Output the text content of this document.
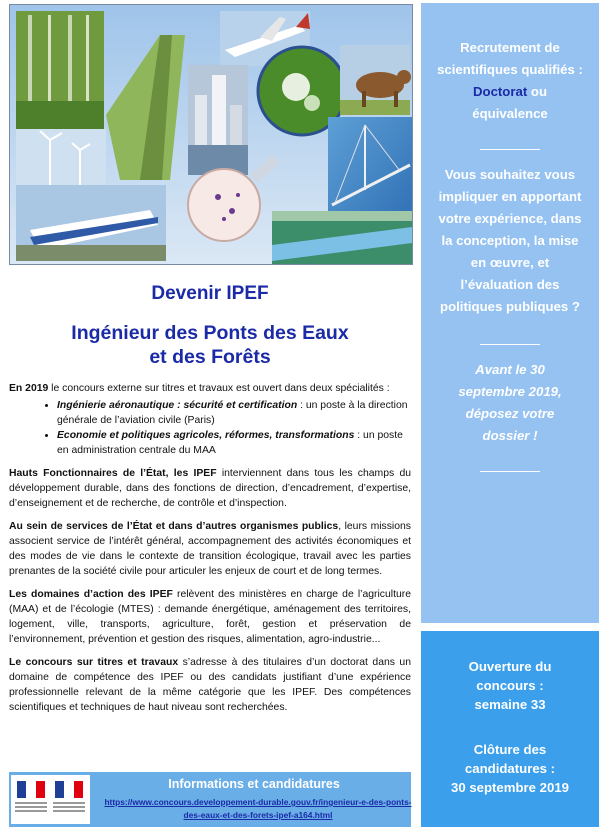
Devenir IPEF
Ingénieur des Ponts des Eaux
et des Forêts

En 2019 le concours externe sur titres et travaux est ouvert dans deux spécialités :

• Ingénierie aéronautique : sécurité et certification : un poste à la direction générale de l’aviation civile (Paris)
• Economie et politiques agricoles, réformes, transformations : un poste en administration centrale du MAA

Hauts Fonctionnaires de l’État, les IPEF interviennent dans tous les champs du développement durable, dans des fonctions de direction, d’encadrement, d’expertise, d’enseignement et de recherche, de contrôle et d’inspection.

Au sein de services de l’État et dans d’autres organismes publics, leurs missions associent service de l’intérêt général, accompagnement des activités économiques et des modes de vie dans le contexte de transition écologique, travail avec les parties prenantes de la société civile pour articuler les enjeux de court et de long termes.

Les domaines d’action des IPEF relèvent des ministères en charge de l’agriculture (MAA) et de l’écologie (MTES) : demande énergétique, aménagement des territoires, logement, ville, transports, agriculture, forêt, gestion et préservation de l’environnement, prévention et gestion des risques, alimentation, agro-industrie...

Le concours sur titres et travaux s’adresse à des titulaires d’un doctorat dans un domaine de compétence des IPEF ou des candidats justifiant d’une expérience professionnelle relevant de la même catégorie que les IPEF. Des compétences scientifiques et techniques de haut niveau sont recherchées.

Recrutement de scientifiques qualifiés : Doctorat ou équivalence
Vous souhaitez vous impliquer en apportant votre expérience, dans la conception, la mise en œuvre, et l’évaluation des politiques publiques ?
Avant le 30 septembre 2019, déposez votre dossier !
Ouverture du concours :
semaine 33
Clôture des candidatures :
30 septembre 2019
Informations et candidatures
https://www.concours.developpement-durable.gouv.fr/ingenieur-e-des-ponts-des-eaux-et-des-forets-ipef-a164.html
